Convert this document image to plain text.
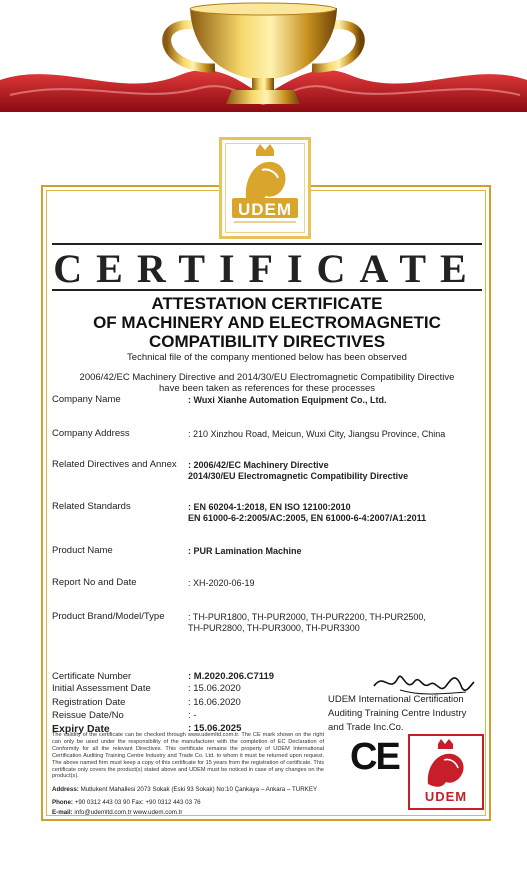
UDEM
CERTIFICATE
ATTESTATION CERTIFICATE
OF MACHINERY AND ELECTROMAGNETIC
COMPATIBILITY DIRECTIVES
Technical file of the company mentioned below has been observed
2006/42/EC Machinery Directive and 2014/30/EU Electromagnetic Compatibility Directive
have been taken as references for these processes
Company Name	: Wuxi Xianhe Automation Equipment Co., Ltd.
Company Address	: 210 Xinzhou Road, Meicun, Wuxi City, Jiangsu Province, China
Related Directives and Annex : 2006/42/EC Machinery Directive
2014/30/EU Electromagnetic Compatibility Directive
Related Standards	: EN 60204-1:2018, EN ISO 12100:2010
EN 61000-6-2:2005/AC:2005, EN 61000-6-4:2007/A1:2011
Product Name	: PUR Lamination Machine
Report No and Date	: XH-2020-06-19
Product Brand/Model/Type	: TH-PUR1800, TH-PUR2000, TH-PUR2200, TH-PUR2500,
TH-PUR2800, TH-PUR3000, TH-PUR3300
Certificate Number	: M.2020.206.C7119
Initial Assessment Date	: 15.06.2020
Registration Date	: 16.06.2020
Reissue Date/No	: -
Expiry Date	: 15.06.2025
UDEM International Certification
Auditing Training Centre Industry
and Trade Inc.Co.
The validity of the certificate can be checked through www.udemltd.com.tr. The CE mark shown on the right can only be used under the responsibility of the manufacturer with the completion of EC Declaration of Conformity for all the relevant Directives. This certificate remains the property of UDEM International Certification Auditing Training Centre Industry and Trade Co. Ltd. to whom it must be returned upon request. The above named firm must keep a copy of this certificate for 15 years from the registration of certificate. This certificate only covers the product(s) stated above and UDEM must be noticed in case of any changes on the product(s).
Address: Mutlukent Mahallesi 2073 Sokak (Eski 93 Sokak) No:10 Çankaya – Ankara – TURKEY
Phone: +90 0312 443 03 90 Fax: +90 0312 443 03 76
E-mail: info@udemltd.com.tr www.udem.com.tr
CE
UDEM
